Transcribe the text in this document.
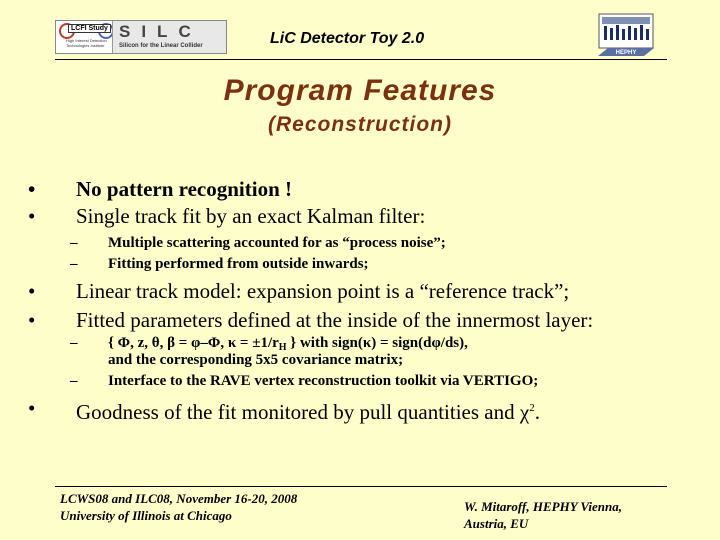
LCFI Study
High Interest Detection Technologies Institute
SILC
Silicon for the Linear Collider	LiC Detector Toy 2.0
HEPHY
Program Features
(Reconstruction)
• No pattern recognition !
• Single track fit by an exact Kalman filter:
– Multiple scattering accounted for as “process noise”;
– Fitting performed from outside inwards;
• Linear track model: expansion point is a “reference track”;
• Fitted parameters defined at the inside of the innermost layer:
– { Φ, z, θ, β = φ–Φ, $\kappa = \pm 1/r_H$ } with sign(κ) = sign(dφ/ds),
and the corresponding 5x5 covariance matrix;
– Interface to the RAVE vertex reconstruction toolkit via VERTIGO;
• Goodness of the fit monitored by pull quantities and $\chi^2$.
LCWS08 and ILC08, November 16-20, 2008
University of Illinois at Chicago
W. Mitaroff, HEPHY Vienna,
Austria, EU
